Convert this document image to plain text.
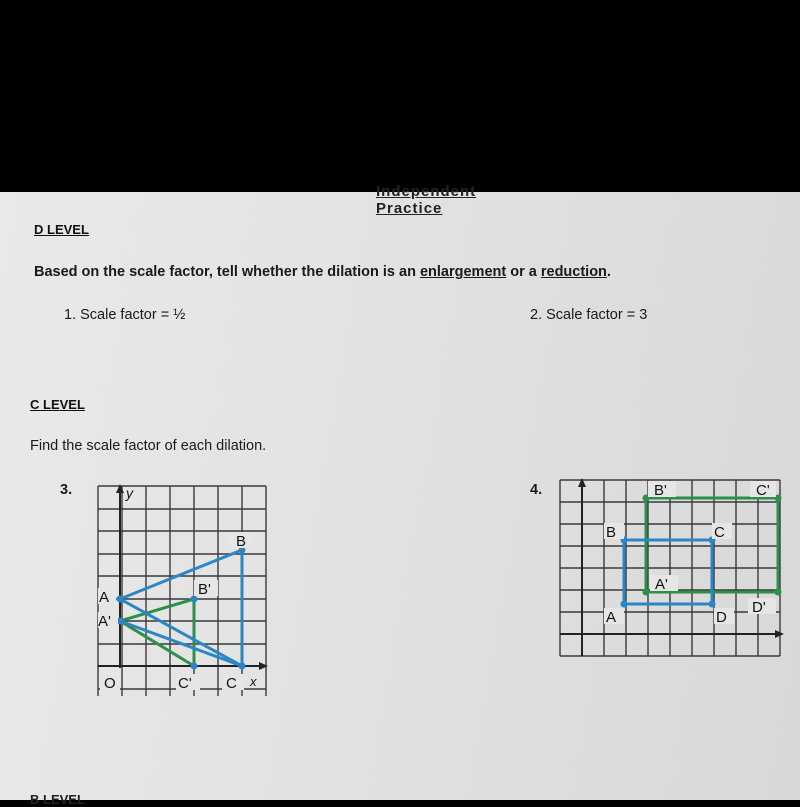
Independent Practice
D LEVEL
Based on the scale factor, tell whether the dilation is an enlargement or a reduction.
1. Scale factor = ½	2. Scale factor = 3
C LEVEL
Find the scale factor of each dilation.
3.	4.
A
A'
B
B'
O	C' C x
y	B'	C'
B	C
A'
A	D
D'
B LEVEL
